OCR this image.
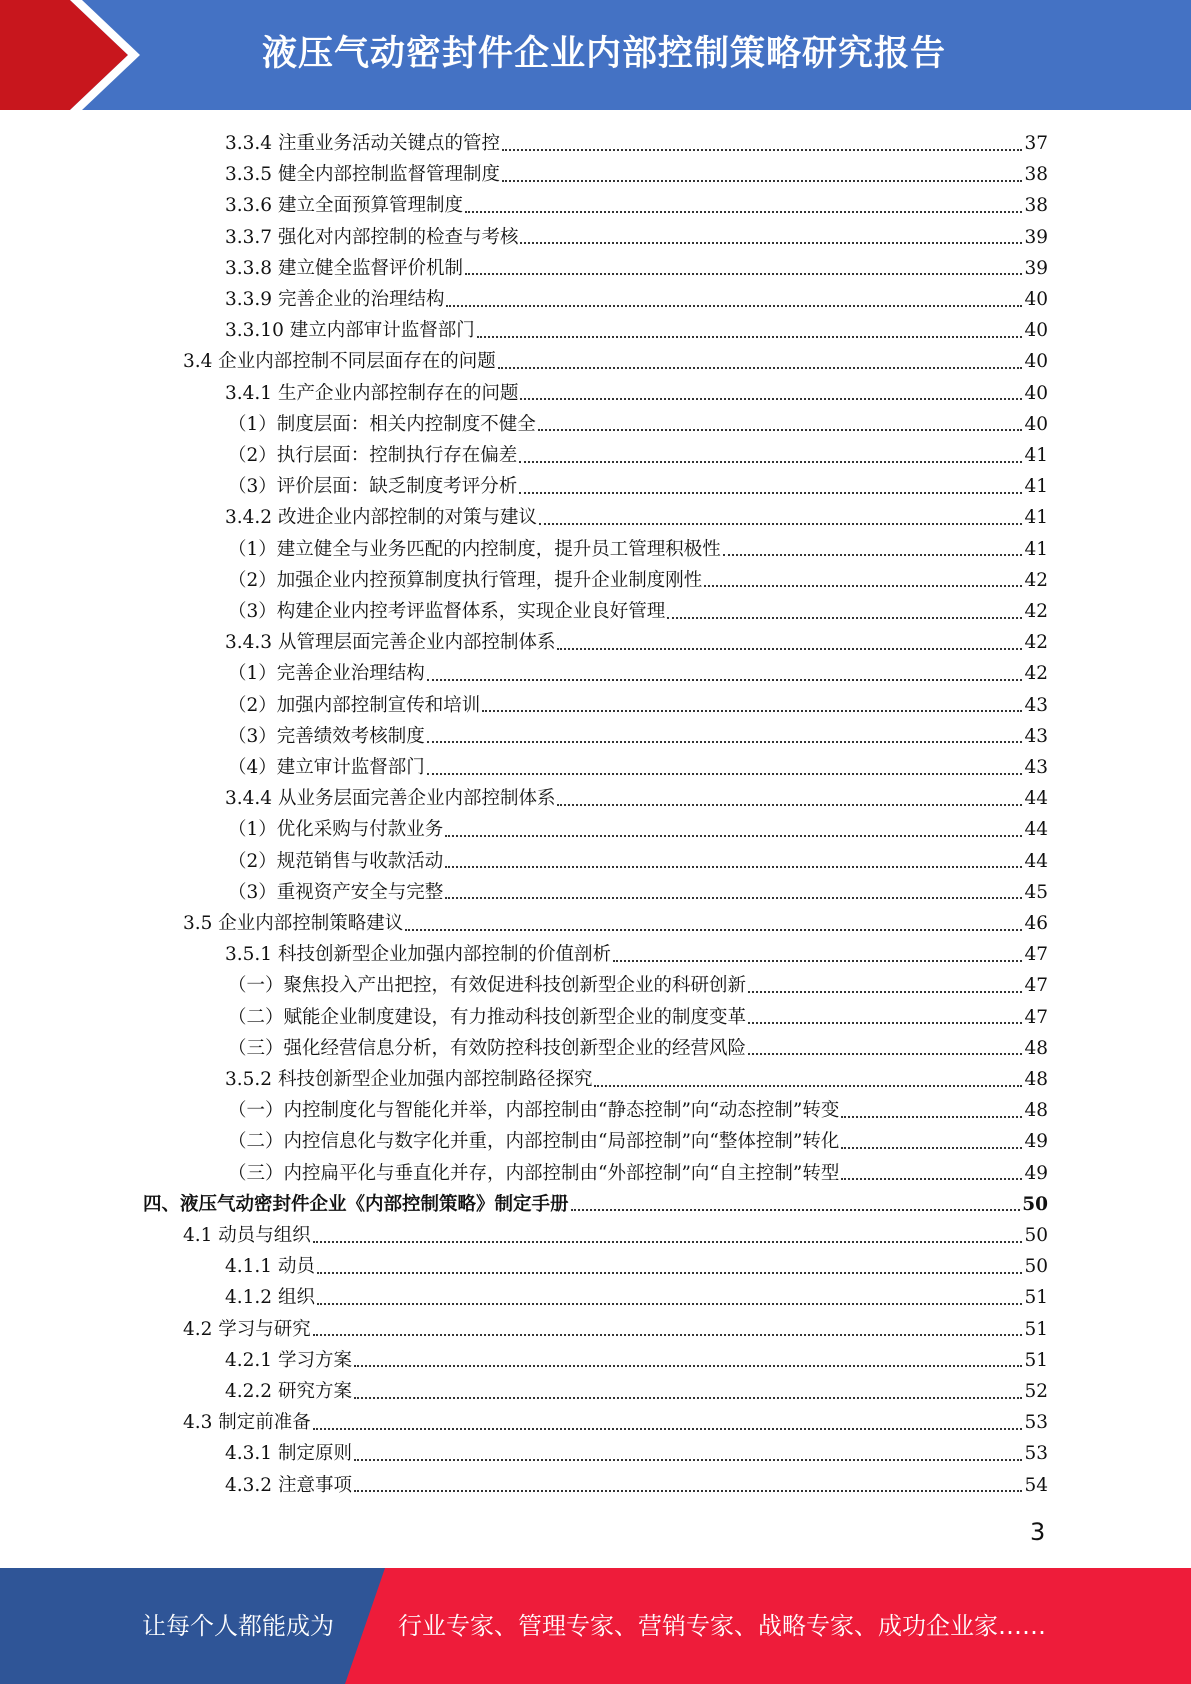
液压气动密封件企业内部控制策略研究报告
3.3.4 注重业务活动关键点的管控	37
3.3.5 健全内部控制监督管理制度	38
3.3.6 建立全面预算管理制度	38
3.3.7 强化对内部控制的检查与考核	39
3.3.8 建立健全监督评价机制	39
3.3.9 完善企业的治理结构	40
3.3.10 建立内部审计监督部门	40
3.4 企业内部控制不同层面存在的问题	40
3.4.1 生产企业内部控制存在的问题	40
（1）制度层面：相关内控制度不健全	40
（2）执行层面：控制执行存在偏差	41
（3）评价层面：缺乏制度考评分析	41
3.4.2 改进企业内部控制的对策与建议	41
（1）建立健全与业务匹配的内控制度，提升员工管理积极性	41
（2）加强企业内控预算制度执行管理，提升企业制度刚性	42
（3）构建企业内控考评监督体系，实现企业良好管理	42
3.4.3 从管理层面完善企业内部控制体系	42
（1）完善企业治理结构	42
（2）加强内部控制宣传和培训	43
（3）完善绩效考核制度	43
（4）建立审计监督部门	43
3.4.4 从业务层面完善企业内部控制体系	44
（1）优化采购与付款业务	44
（2）规范销售与收款活动	44
（3）重视资产安全与完整	45
3.5 企业内部控制策略建议	46
3.5.1 科技创新型企业加强内部控制的价值剖析	47
（一）聚焦投入产出把控，有效促进科技创新型企业的科研创新	47
（二）赋能企业制度建设，有力推动科技创新型企业的制度变革	47
（三）强化经营信息分析，有效防控科技创新型企业的经营风险	48
3.5.2 科技创新型企业加强内部控制路径探究	48
（一）内控制度化与智能化并举，内部控制由“静态控制”向“动态控制”转变	48
（二）内控信息化与数字化并重，内部控制由“局部控制”向“整体控制”转化	49
（三）内控扁平化与垂直化并存，内部控制由“外部控制”向“自主控制”转型	49
四、液压气动密封件企业《内部控制策略》制定手册	50
4.1 动员与组织	50
4.1.1 动员	50
4.1.2 组织	51
4.2 学习与研究	51
4.2.1 学习方案	51
4.2.2 研究方案	52
4.3 制定前准备	53
4.3.1 制定原则	53
4.3.2 注意事项	54
3
让每个人都能成为	行业专家、管理专家、营销专家、战略专家、成功企业家……
